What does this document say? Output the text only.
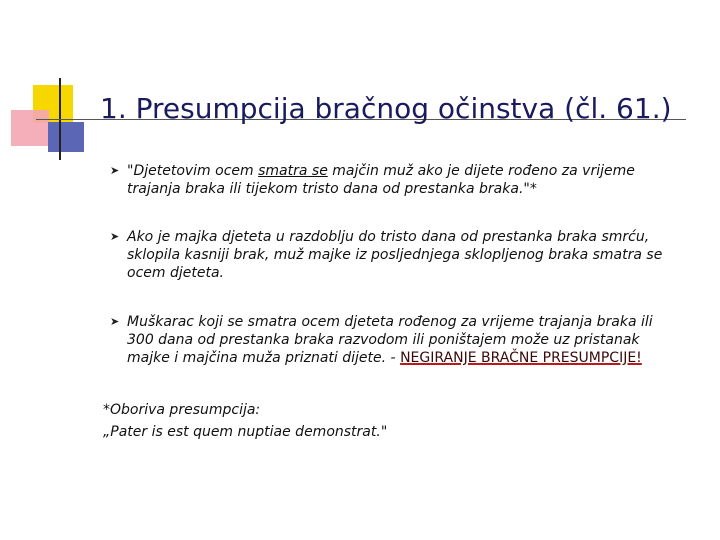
1. Presumpcija bračnog očinstva (čl. 61.)
➤ "Djetetovim ocem smatra se majčin muž ako je dijete rođeno za vrijeme trajanja braka ili tijekom tristo dana od prestanka braka."*
➤ Ako je majka djeteta u razdoblju do tristo dana od prestanka braka smrću, sklopila kasniji brak, muž majke iz posljednjega sklopljenog braka smatra se ocem djeteta.
➤ Muškarac koji se smatra ocem djeteta rođenog za vrijeme trajanja braka ili 300 dana od prestanka braka razvodom ili poništajem može uz pristanak majke i majčina muža priznati dijete. - NEGIRANJE BRAČNE PRESUMPCIJE!
*Oboriva presumpcija:
„Pater is est quem nuptiae demonstrat."
